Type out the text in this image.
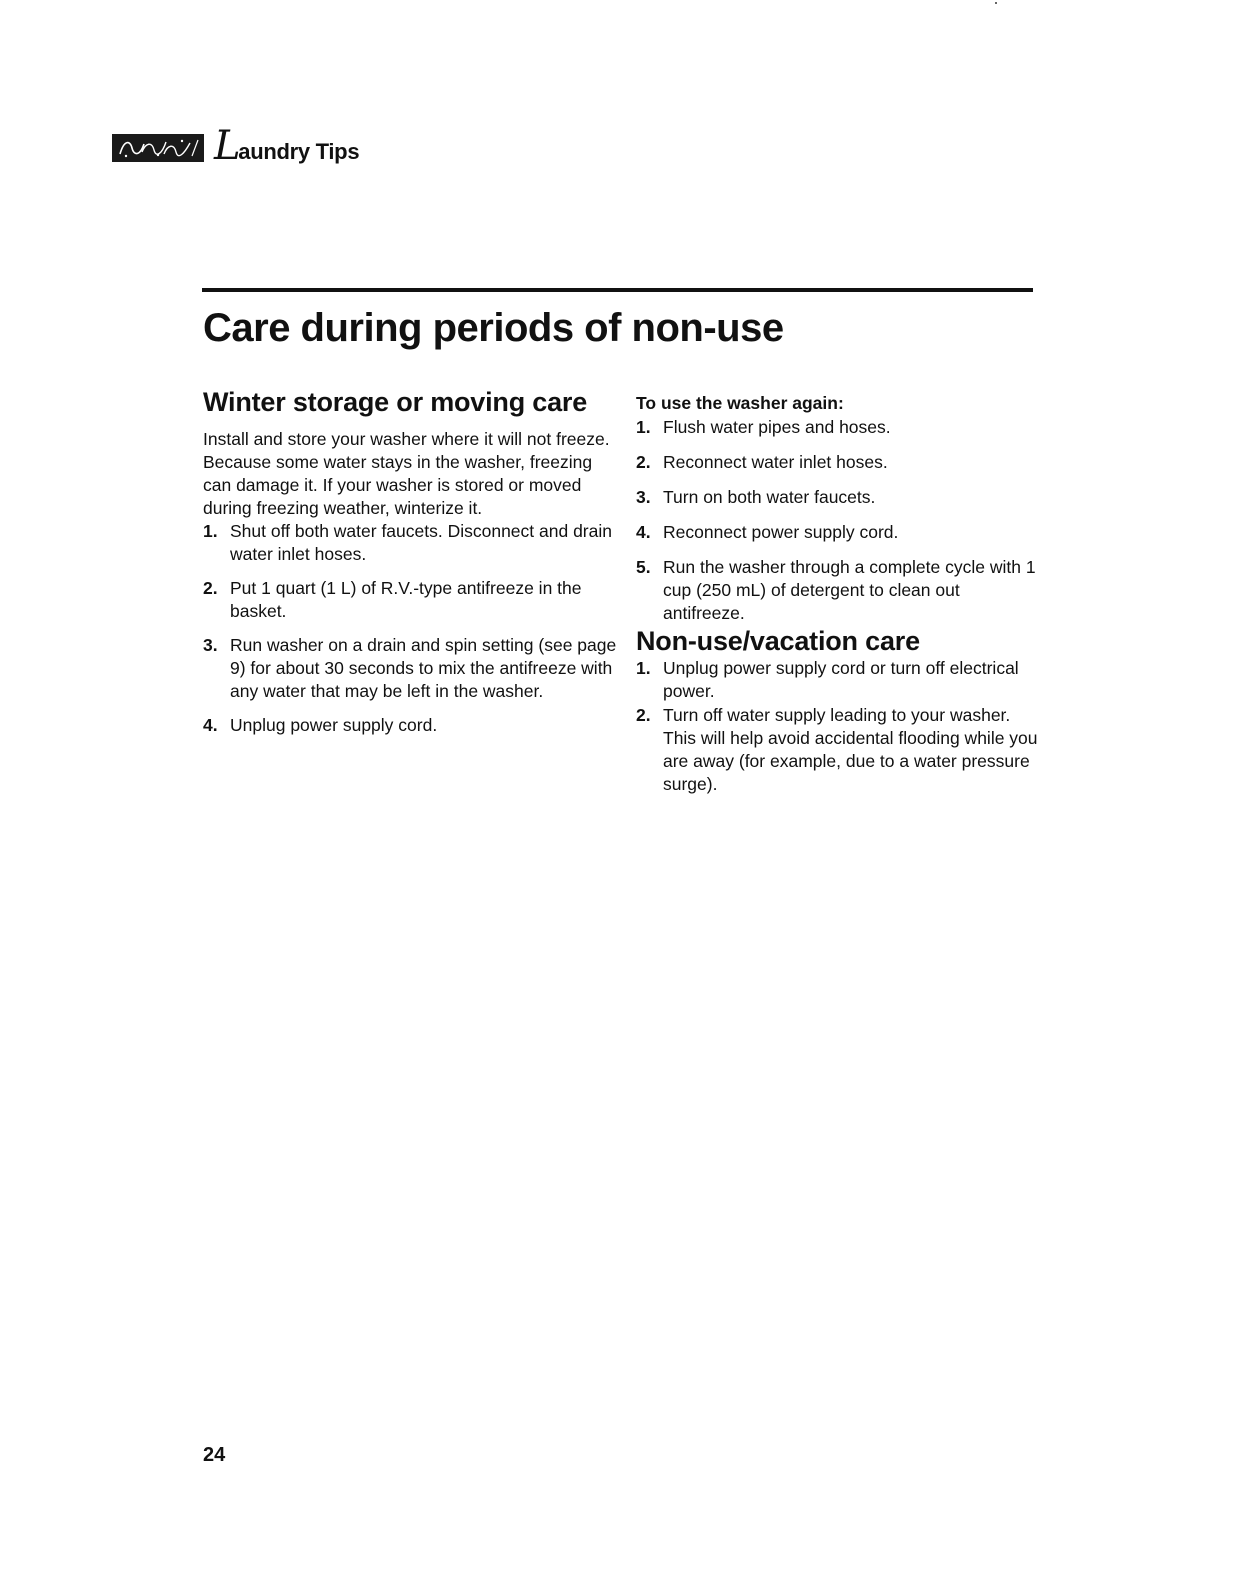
L
aundry Tips
Care during periods of non-use
Winter storage or moving care

Install and store your washer where it will not freeze. Because some water stays in the washer, freezing can damage it. If your washer is stored or moved during freezing weather, winterize it.

1. Shut off both water faucets. Disconnect and drain water inlet hoses.
2. Put 1 quart (1 L) of R.V.-type antifreeze in the basket.
3. Run washer on a drain and spin setting (see page 9) for about 30 seconds to mix the antifreeze with any water that may be left in the washer.
4. Unplug power supply cord.

To use the washer again:

1. Flush water pipes and hoses.
2. Reconnect water inlet hoses.
3. Turn on both water faucets.
4. Reconnect power supply cord.
5. Run the washer through a complete cycle with 1 cup (250 mL) of detergent to clean out antifreeze.
Non-use/vacation care
1. Unplug power supply cord or turn off electrical power.
2. Turn off water supply leading to your washer. This will help avoid accidental flooding while you are away (for example, due to a water pressure surge).
24
